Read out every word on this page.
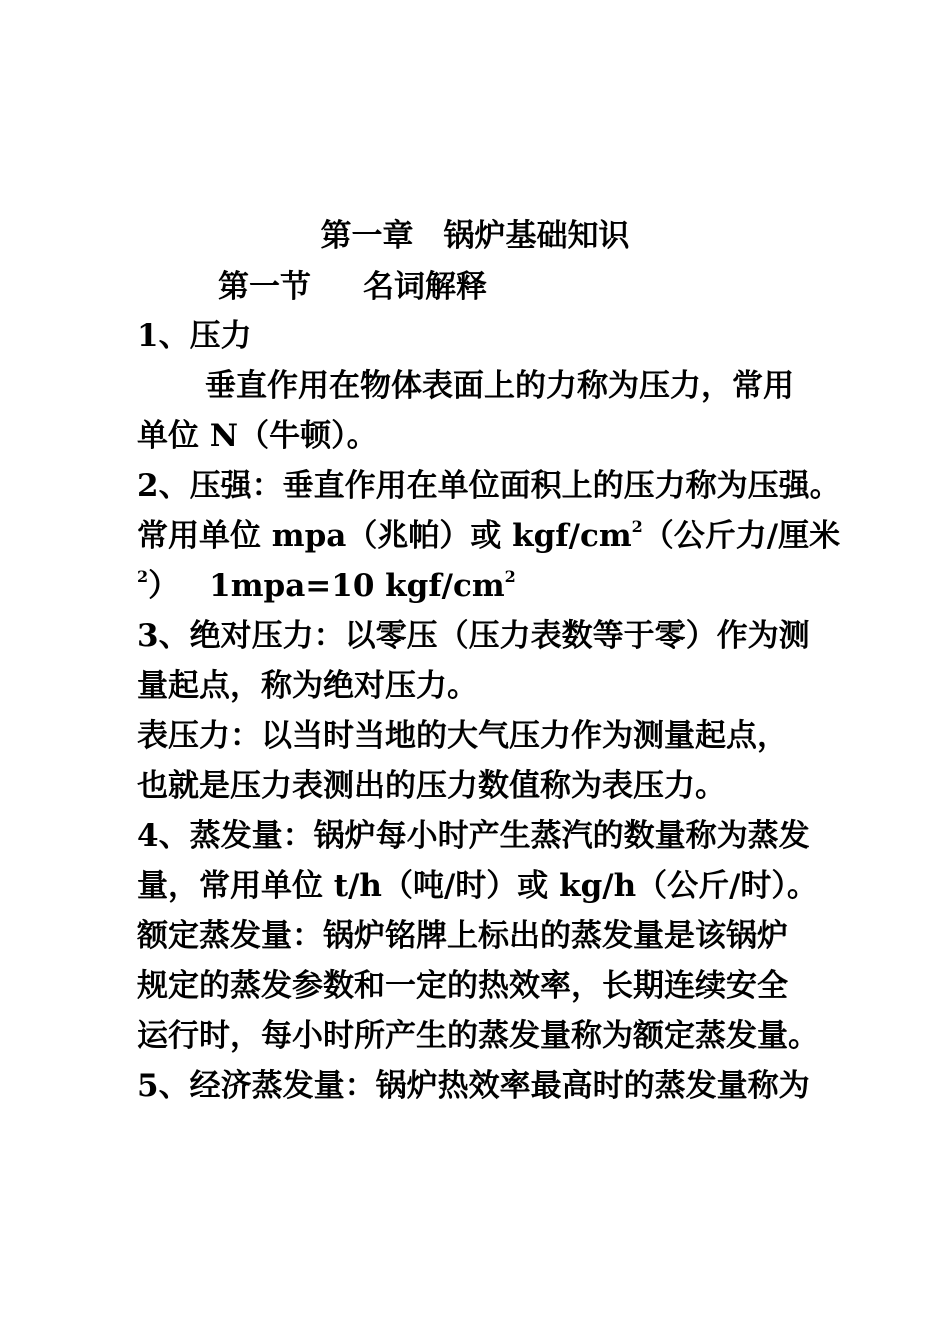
第一章 锅炉基础知识
第一节 名词解释
1、压力
垂直作用在物体表面上的力称为压力，常用
单位 N（牛顿）。
2、压强：垂直作用在单位面积上的压力称为压强。
常用单位 mpa（兆帕）或 kgf/$cm^2$（公斤力/厘米
$^2$） 1mpa=10 kgf/$cm^2$
3、绝对压力：以零压（压力表数等于零）作为测
量起点，称为绝对压力。
表压力：以当时当地的大气压力作为测量起点，
也就是压力表测出的压力数值称为表压力。
4、蒸发量：锅炉每小时产生蒸汽的数量称为蒸发
量，常用单位 t/h（吨/时）或 kg/h（公斤/时）。
额定蒸发量：锅炉铭牌上标出的蒸发量是该锅炉
规定的蒸发参数和一定的热效率，长期连续安全
运行时，每小时所产生的蒸发量称为额定蒸发量。
5、经济蒸发量：锅炉热效率最高时的蒸发量称为
